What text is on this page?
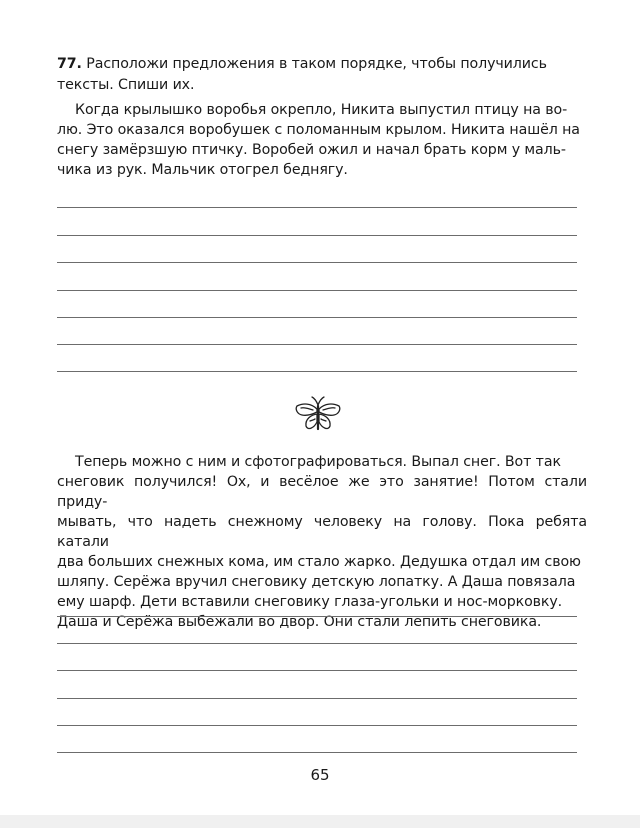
77. Расположи предложения в таком порядке, чтобы получились тексты. Спиши их.
Когда крылышко воробья окрепло, Никита выпустил птицу на во-
лю. Это оказался воробушек с поломанным крылом. Никита нашёл на
снегу замёрзшую птичку. Воробей ожил и начал брать корм у маль-
чика из рук. Мальчик отогрел беднягу.
Теперь можно с ним и сфотографироваться. Выпал снег. Вот так
снеговик получился! Ох, и весёлое же это занятие! Потом стали приду-
мывать, что надеть снежному человеку на голову. Пока ребята катали
два больших снежных кома, им стало жарко. Дедушка отдал им свою
шляпу. Серёжа вручил снеговику детскую лопатку. А Даша повязала
ему шарф. Дети вставили снеговику глаза-угольки и нос-морковку.
Даша и Серёжа выбежали во двор. Они стали лепить снеговика.
65
